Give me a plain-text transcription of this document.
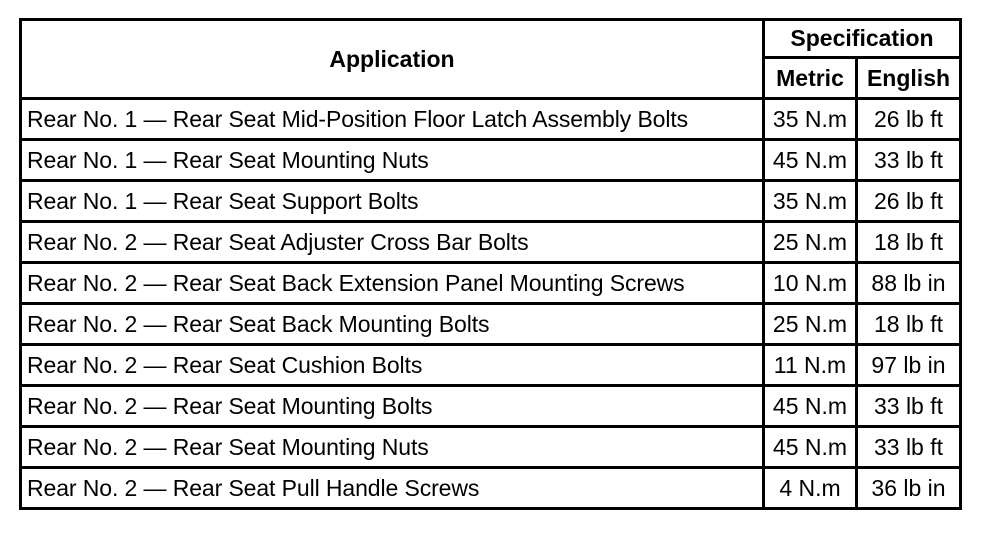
Application	Specification	
	Metric	English
Rear No. 1 — Rear Seat Mid-Position Floor Latch Assembly Bolts	35 N.m	26 lb ft
Rear No. 1 — Rear Seat Mounting Nuts	45 N.m	33 lb ft
Rear No. 1 — Rear Seat Support Bolts	35 N.m	26 lb ft
Rear No. 2 — Rear Seat Adjuster Cross Bar Bolts	25 N.m	18 lb ft
Rear No. 2 — Rear Seat Back Extension Panel Mounting Screws	10 N.m	88 lb in
Rear No. 2 — Rear Seat Back Mounting Bolts	25 N.m	18 lb ft
Rear No. 2 — Rear Seat Cushion Bolts	11 N.m	97 lb in
Rear No. 2 — Rear Seat Mounting Bolts	45 N.m	33 lb ft
Rear No. 2 — Rear Seat Mounting Nuts	45 N.m	33 lb ft
Rear No. 2 — Rear Seat Pull Handle Screws	4 N.m	36 lb in
